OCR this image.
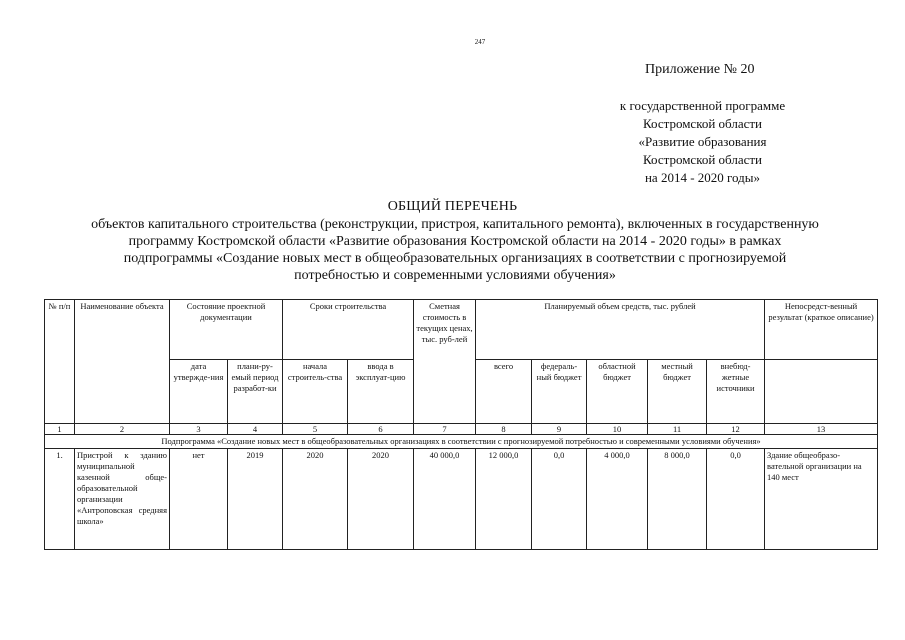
247
Приложение № 20
к государственной программе
Костромской области
«Развитие образования
Костромской области
на 2014 - 2020 годы»
ОБЩИЙ ПЕРЕЧЕНЬ
объектов капитального строительства (реконструкции, пристроя, капитального ремонта), включенных в государственную
программу Костромской области «Развитие образования Костромской области на 2014 - 2020 годы» в рамках
подпрограммы «Создание новых мест в общеобразовательных организациях в соответствии с прогнозируемой
потребностью и современными условиями обучения»
№ п/п	Наименование объекта	Состояние проектной документации		Сроки строительства		Сметная стоимость в текущих ценах, тыс. руб-лей	Планируемый объем средств, тыс. рублей					Непосредст-венный результат (краткое описание)
		дата утвержде-ния	плани-ру-емый период разработ-ки	начала строитель-ства	ввода в эксплуат-цию		всего	федераль-ный бюджет	областной бюджет	местный бюджет	внебюд-жетные источники	
1	2	3	4	5	6	7	8	9	10	11	12	13
Подпрограмма «Создание новых мест в общеобразовательных организациях в соответствии с прогнозируемой потребностью и современными условиями обучения»												
1.	Пристрой к зданию муниципальной казенной обще-образовательной организации «Антроповская средняя школа»	нет	2019	2020	2020	40 000,0	12 000,0	0,0	4 000,0	8 000,0	0,0	Здание общеобразо-вательной организации на 140 мест
